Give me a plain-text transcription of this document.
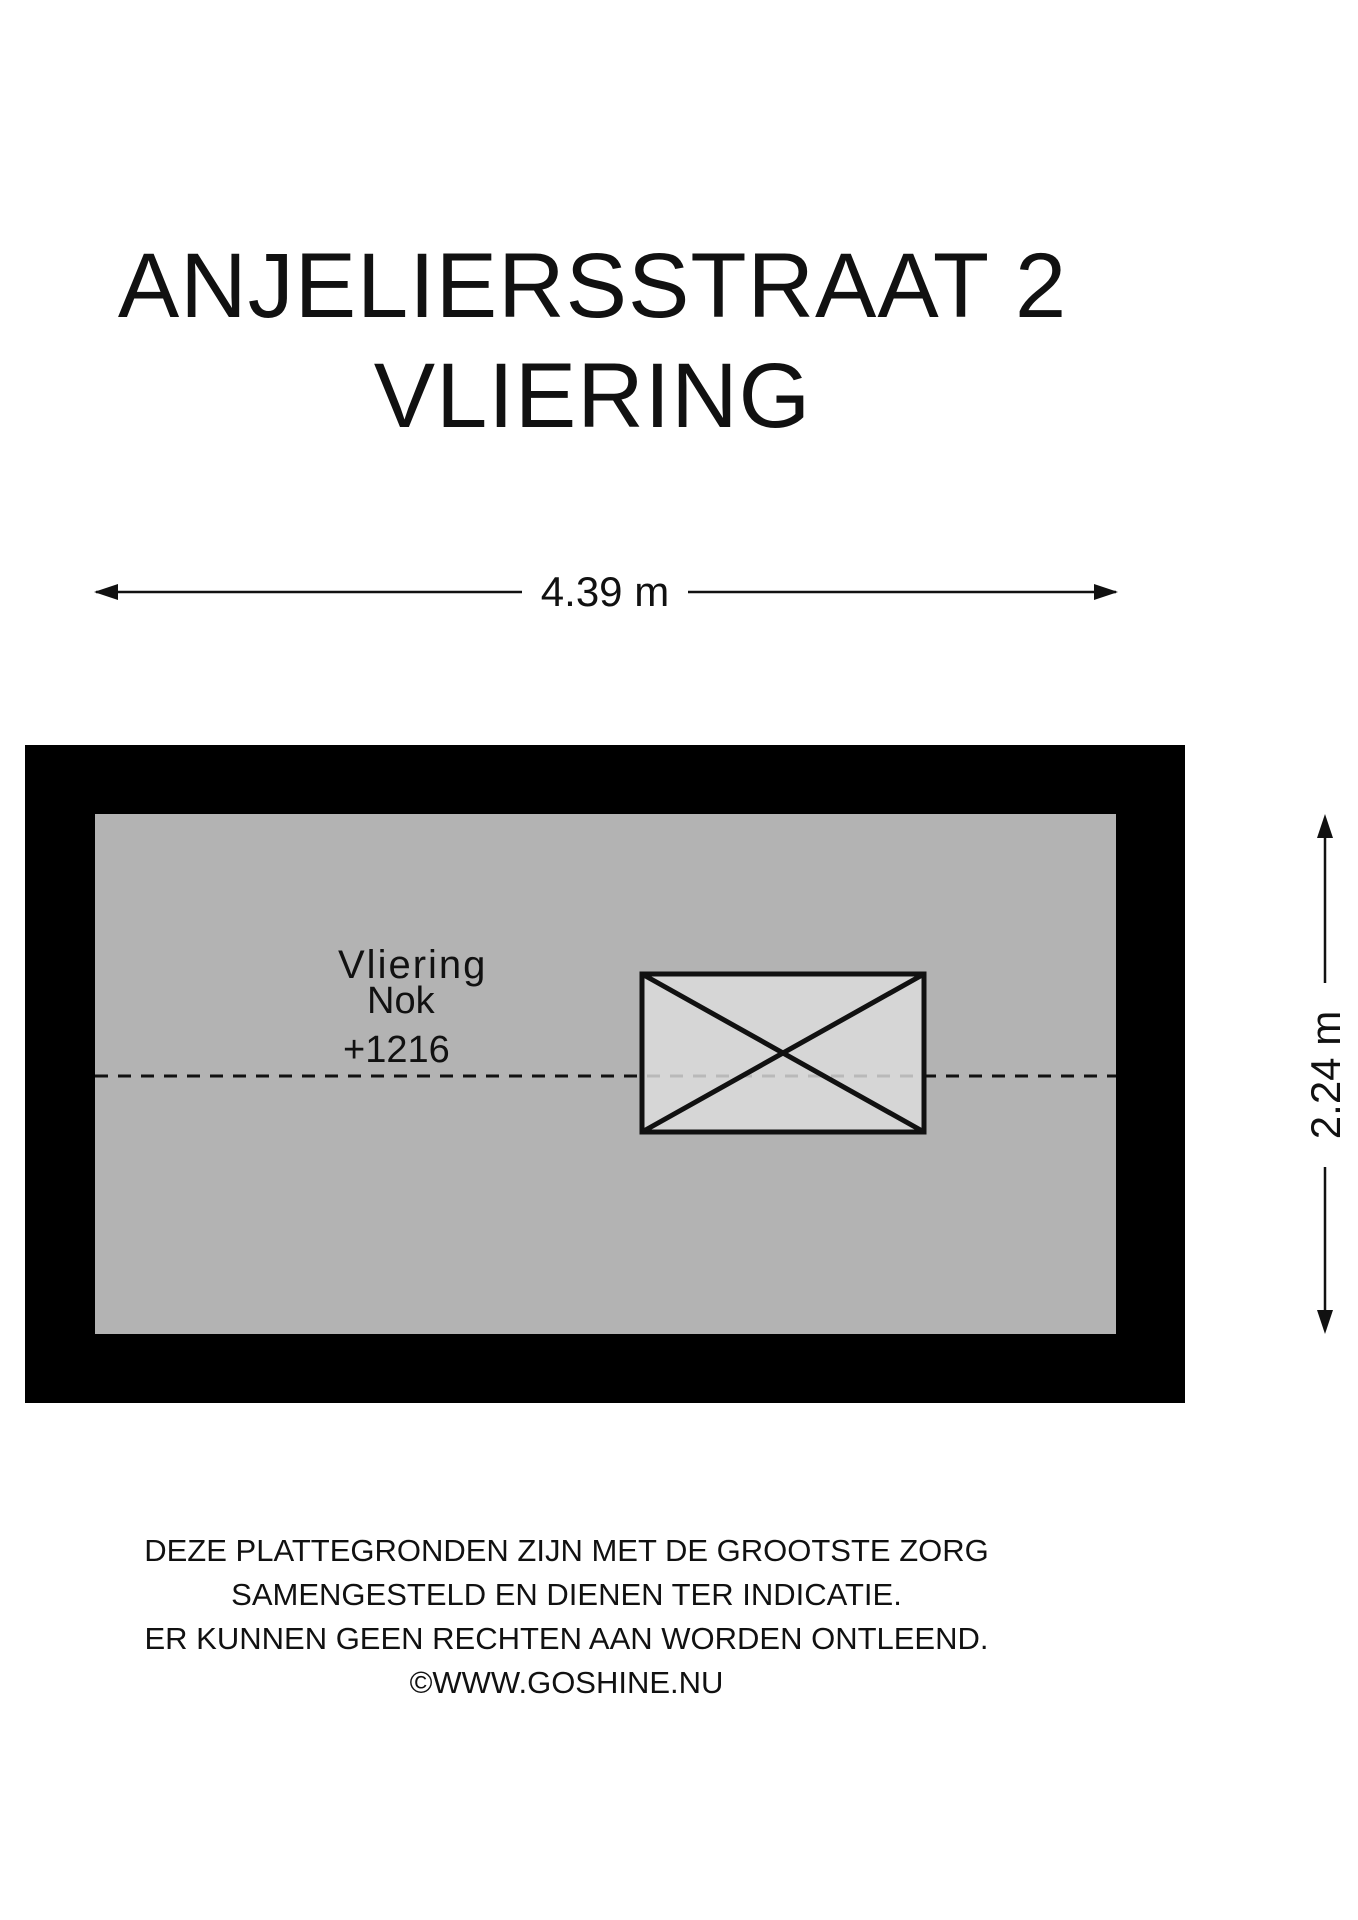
ANJELIERSSTRAAT 2
VLIERING
4.39 m
Vliering
Nok
+1216	2.24 m
DEZE PLATTEGRONDEN ZIJN MET DE GROOTSTE ZORG
SAMENGESTELD EN DIENEN TER INDICATIE.
ER KUNNEN GEEN RECHTEN AAN WORDEN ONTLEEND.
©WWW.GOSHINE.NU
